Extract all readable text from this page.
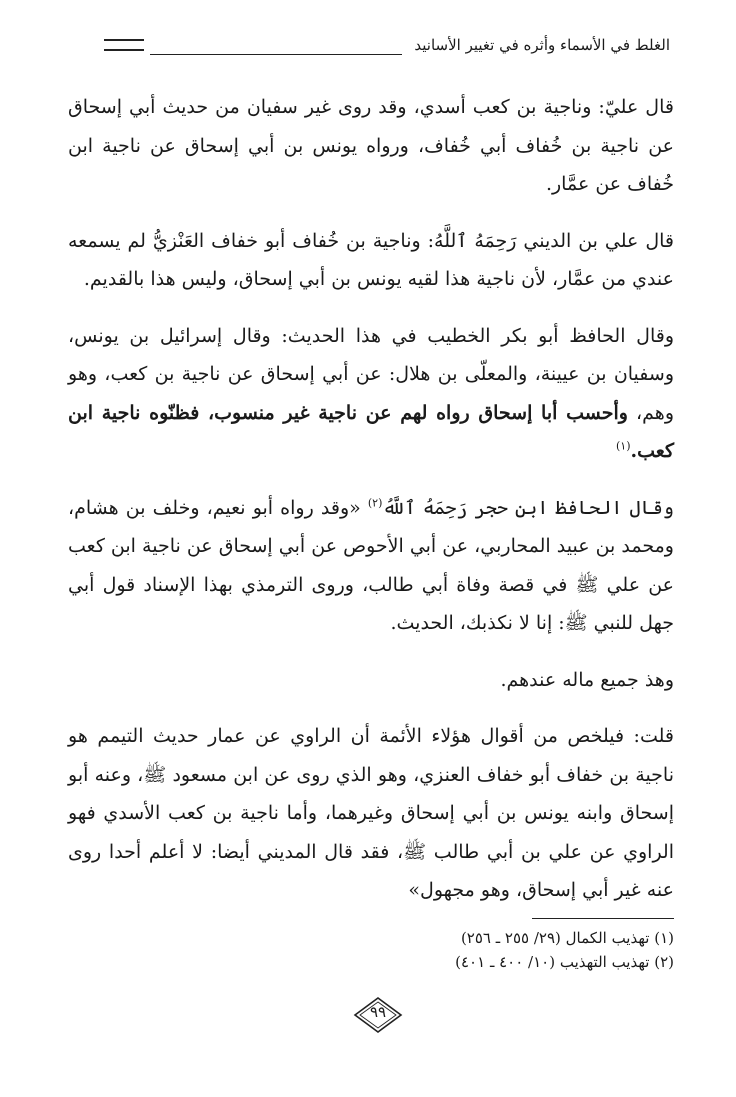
الغلط في الأسماء وأثره في تغيير الأسانيد

قال عليّ: وناجية بن كعب أسدي، وقد روى غير سفيان من حديث أبي إسحاق عن ناجية بن خُفاف أبي خُفاف، ورواه يونس بن أبي إسحاق عن ناجية ابن خُفاف عن عمَّار.

قال علي بن الديني رَحِمَهُ ٱللَّهُ: وناجية بن خُفاف أبو خفاف العَنْزيُّ لم يسمعه عندي من عمَّار، لأن ناجية هذا لقيه يونس بن أبي إسحاق، وليس هذا بالقديم.

وقال الحافظ أبو بكر الخطيب في هذا الحديث: وقال إسرائيل بن يونس، وسفيان بن عيينة، والمعلّى بن هلال: عن أبي إسحاق عن ناجية بن كعب، وهو وهم، وأحسب أبا إسحاق رواه لهم عن ناجية غير منسوب، فظنّوه ناجية ابن كعب.$^{(١)}$

وقال الحافظ ابن حجر رَحِمَهُ ٱللَّهُ$^{(٢)}$ «وقد رواه أبو نعيم، وخلف بن هشام، ومحمد بن عبيد المحاربي، عن أبي الأحوص عن أبي إسحاق عن ناجية ابن كعب عن علي ﷺ في قصة وفاة أبي طالب، وروى الترمذي بهذا الإسناد قول أبي جهل للنبي ﷺ: إنا لا نكذبك، الحديث.

وهذ جميع ماله عندهم.

قلت: فيلخص من أقوال هؤلاء الأئمة أن الراوي عن عمار حديث التيمم هو ناجية بن خفاف أبو خفاف العنزي، وهو الذي روى عن ابن مسعود ﷺ، وعنه أبو إسحاق وابنه يونس بن أبي إسحاق وغيرهما، وأما ناجية بن كعب الأسدي فهو الراوي عن علي بن أبي طالب ﷺ، فقد قال المديني أيضا: لا أعلم أحدا روى عنه غير أبي إسحاق، وهو مجهول»

(١) تهذيب الكمال (٢٩/ ٢٥٥ ـ ٢٥٦)
(٢) تهذيب التهذيب (١٠/ ٤٠٠ ـ ٤٠١)
٩٩
